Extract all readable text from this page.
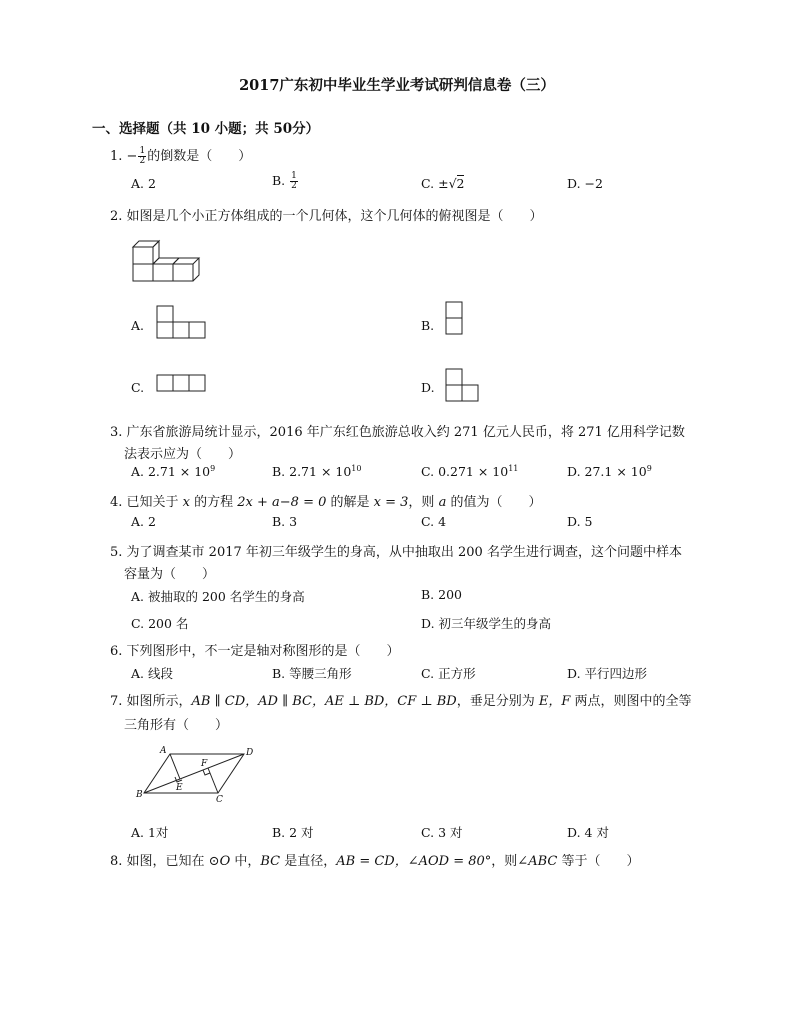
2017广东初中毕业生学业考试研判信息卷（三）
一、选择题（共 10 小题；共 50分）
1. − $\frac{1}{2}$ 的倒数是（　　）
A. 2	B. $\frac{1}{2}$	C. ±√2	D. −2
2. 如图是几个小正方体组成的一个几何体，这个几何体的俯视图是（　　）
A.	B.
C.	D.
3. 广东省旅游局统计显示，2016 年广东红色旅游总收入约 271 亿元人民币，将 271 亿用科学记数
法表示应为（　　）
A. $2.71 \times 10^9$	B. $2.71 \times 10^{10}$	C. $0.271 \times 10^{11}$	D. $27.1 \times 10^9$
4. 已知关于 x 的方程 2x + a−8 = 0 的解是 x = 3，则 a 的值为（　　）
A. 2	B. 3	C. 4	D. 5
5. 为了调查某市 2017 年初三年级学生的身高，从中抽取出 200 名学生进行调查，这个问题中样本
容量为（　　）
A. 被抽取的 200 名学生的身高	B. 200
C. 200 名	D. 初三年级学生的身高
6. 下列图形中，不一定是轴对称图形的是（　　）
A. 线段	B. 等腰三角形	C. 正方形	D. 平行四边形
7. 如图所示，AB ∥ CD，AD ∥ BC，AE ⊥ BD，CF ⊥ BD，垂足分别为 E，F 两点，则图中的全等
三角形有（　　）
A	D
B	C
E
F
A. 1对	B. 2 对	C. 3 对	D. 4 对
8. 如图，已知在 ⊙O 中，BC 是直径，AB = CD，∠AOD = 80°，则∠ABC 等于（　　）
